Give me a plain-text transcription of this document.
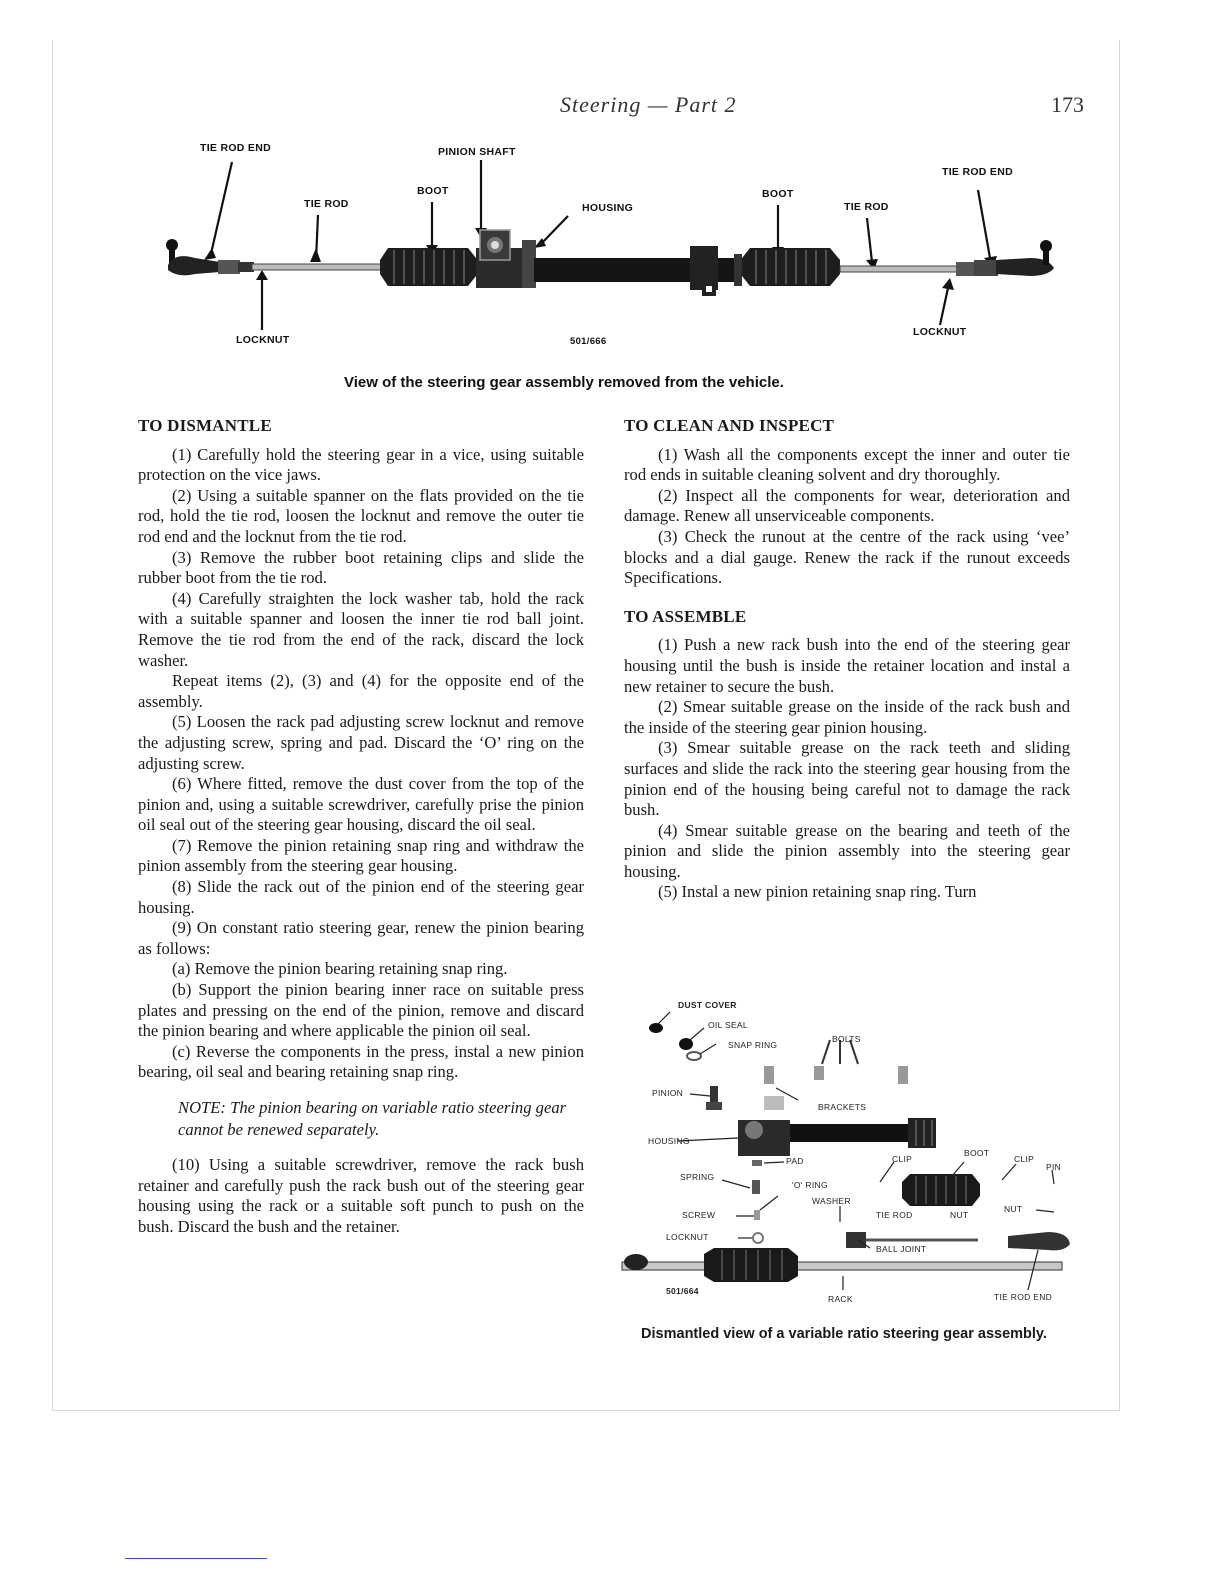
Steering — Part 2	173
TIE ROD END	PINION SHAFT
TIE ROD
BOOT
HOUSING
BOOT
TIE ROD
TIE ROD END
LOCKNUT	501/666
LOCKNUT
View of the steering gear assembly removed from the vehicle.
TO DISMANTLE

(1) Carefully hold the steering gear in a vice, using suitable protection on the vice jaws.

(2) Using a suitable spanner on the flats provided on the tie rod, hold the tie rod, loosen the locknut and remove the outer tie rod end and the locknut from the tie rod.

(3) Remove the rubber boot retaining clips and slide the rubber boot from the tie rod.

(4) Carefully straighten the lock washer tab, hold the rack with a suitable spanner and loosen the inner tie rod ball joint. Remove the tie rod from the end of the rack, discard the lock washer.

Repeat items (2), (3) and (4) for the opposite end of the assembly.

(5) Loosen the rack pad adjusting screw locknut and remove the adjusting screw, spring and pad. Discard the ‘O’ ring on the adjusting screw.

(6) Where fitted, remove the dust cover from the top of the pinion and, using a suitable screwdriver, carefully prise the pinion oil seal out of the steering gear housing, discard the oil seal.

(7) Remove the pinion retaining snap ring and withdraw the pinion assembly from the steering gear housing.

(8) Slide the rack out of the pinion end of the steering gear housing.

(9) On constant ratio steering gear, renew the pinion bearing as follows:

(a) Remove the pinion bearing retaining snap ring.

(b) Support the pinion bearing inner race on suitable press plates and pressing on the end of the pinion, remove and discard the pinion bearing and where applicable the pinion oil seal.

(c) Reverse the components in the press, instal a new pinion bearing, oil seal and bearing retaining snap ring.

NOTE: The pinion bearing on variable ratio steering gear cannot be renewed separately.

(10) Using a suitable screwdriver, remove the rack bush retainer and carefully push the rack bush out of the steering gear housing using the rack or a suitable soft punch to push on the bush. Discard the bush and the retainer.

TO CLEAN AND INSPECT

(1) Wash all the components except the inner and outer tie rod ends in suitable cleaning solvent and dry thoroughly.

(2) Inspect all the components for wear, deterioration and damage. Renew all unserviceable components.

(3) Check the runout at the centre of the rack using ‘vee’ blocks and a dial gauge. Renew the rack if the runout exceeds Specifications.

TO ASSEMBLE

(1) Push a new rack bush into the end of the steering gear housing until the bush is inside the retainer location and instal a new retainer to secure the bush.

(2) Smear suitable grease on the inside of the rack bush and the inside of the steering gear pinion housing.

(3) Smear suitable grease on the rack teeth and sliding surfaces and slide the rack into the steering gear housing from the pinion end of the housing being careful not to damage the rack bush.

(4) Smear suitable grease on the bearing and teeth of the pinion and slide the pinion assembly into the steering gear housing.

(5) Instal a new pinion retaining snap ring. Turn

DUST COVER
OIL SEAL
SNAP RING
BOLTS
PINION
BRACKETS
HOUSING
PAD	CLIP
BOOT
CLIP
PIN
SPRING
'O' RING
WASHER
SCREW	TIE ROD	NUT
NUT
LOCKNUT
BALL JOINT
501/664
RACK	TIE ROD END
Dismantled view of a variable ratio steering gear assembly.
